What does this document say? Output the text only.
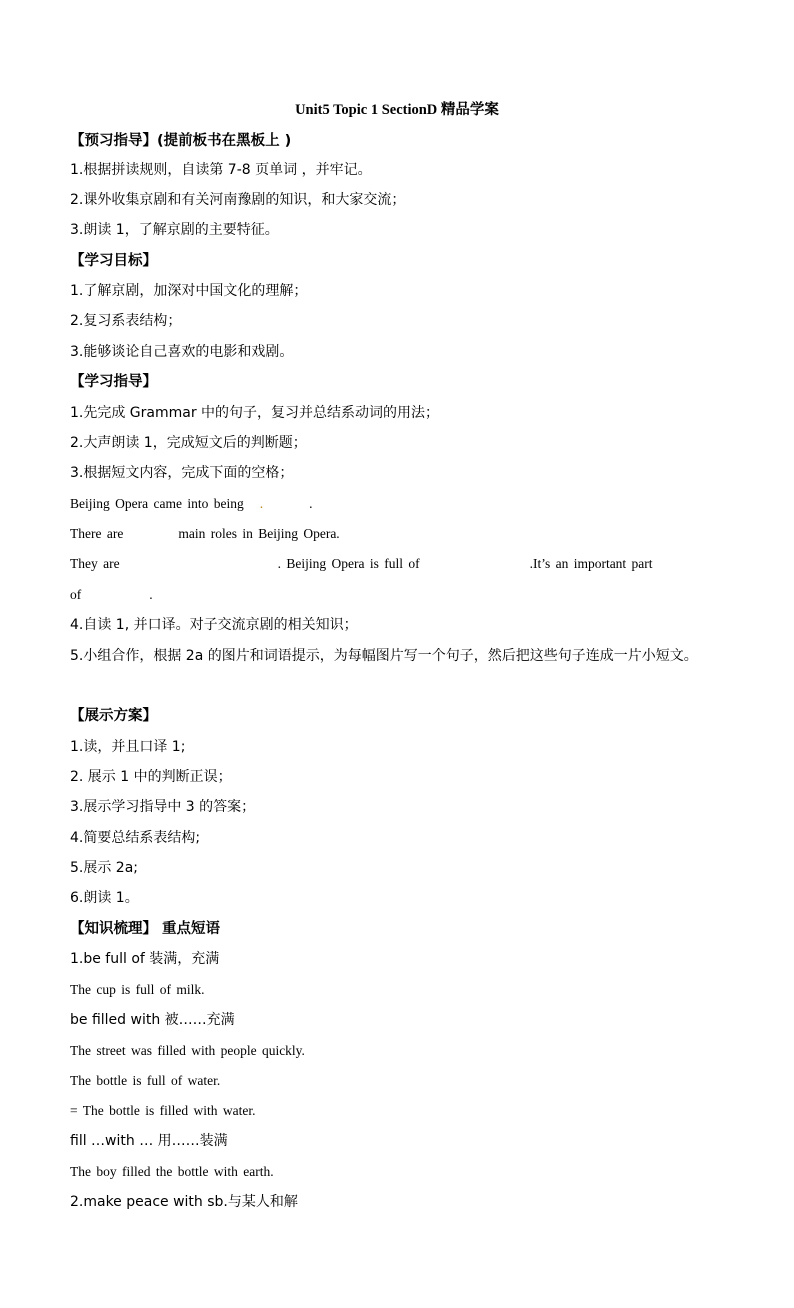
Unit5 Topic 1 SectionD 精品学案
【预习指导】(提前板书在黑板上 )
1.根据拼读规则，自读第 7-8 页单词 ，并牢记。
2.课外收集京剧和有关河南豫剧的知识，和大家交流；
3.朗读 1，了解京剧的主要特征。
【学习目标】
1.了解京剧，加深对中国文化的理解；
2.复习系表结构；
3.能够谈论自己喜欢的电影和戏剧。
【学习指导】
1.先完成 Grammar 中的句子，复习并总结系动词的用法；
2.大声朗读 1，完成短文后的判断题；
3.根据短文内容，完成下面的空格；
Beijing Opera came into being .	.
There are	main roles in Beijing Opera.
They are	. Beijing Opera is full of	.It’s an important part
of	.
4.自读 1, 并口译。对子交流京剧的相关知识；
5.小组合作，根据 2a 的图片和词语提示，为每幅图片写一个句子，然后把这些句子连成一片小短文。
【展示方案】
1.读，并且口译 1;
2. 展示 1 中的判断正误；
3.展示学习指导中 3 的答案；
4.简要总结系表结构;
5.展示 2a;
6.朗读 1。
【知识梳理】 重点短语
1.be full of 装满，充满
The cup is full of milk.
be filled with 被……充满
The street was filled with people quickly.
The bottle is full of water.
= The bottle is filled with water.
fill …with … 用……装满
The boy filled the bottle with earth.
2.make peace with sb.与某人和解
